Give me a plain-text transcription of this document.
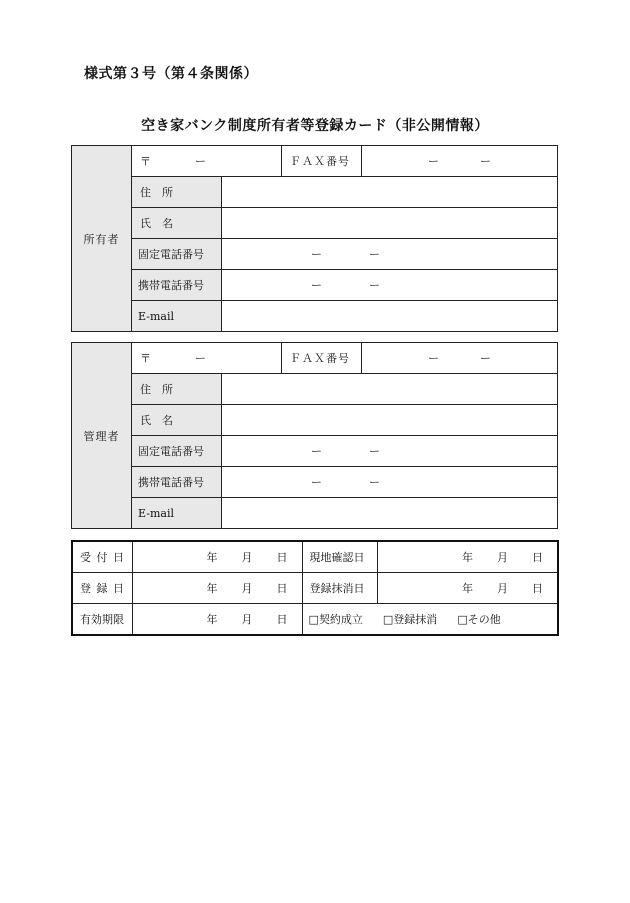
様式第３号（第４条関係）
空き家バンク制度所有者等登録カード（非公開情報）
所有者	〒 ー		ＦＡＸ番号	ー ー
	住　所			
	氏　名			
	固定電話番号	ー ー		
	携帯電話番号	ー ー		
	E-mail			
管理者	〒 ー		ＦＡＸ番号	ー ー
	住　所			
	氏　名			
	固定電話番号	ー ー		
	携帯電話番号	ー ー		
	E-mail			
受 付 日	年 月 日	現地確認日	年 月 日
登 録 日	年 月 日	登録抹消日	年 月 日
有効期限	年 月 日	□契約成立 □登録抹消 □その他	
